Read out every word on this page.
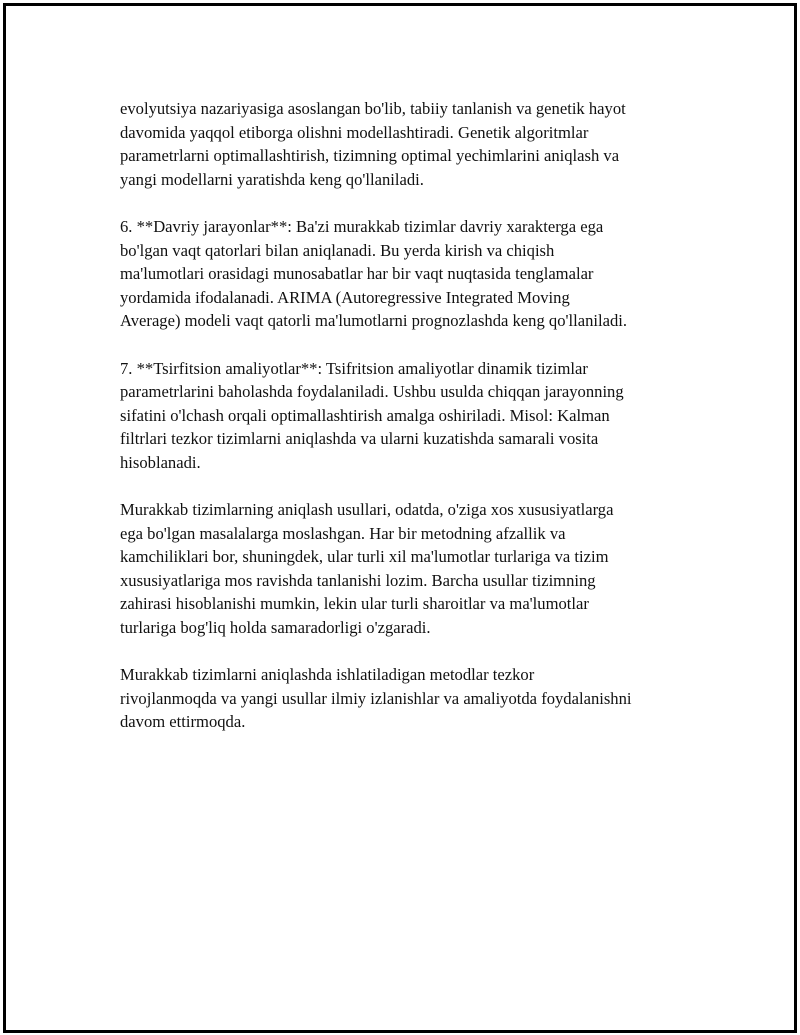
evolyutsiya nazariyasiga asoslangan bo'lib, tabiiy tanlanish va genetik hayot
davomida yaqqol etiborga olishni modellashtiradi. Genetik algoritmlar
parametrlarni optimallashtirish, tizimning optimal yechimlarini aniqlash va
yangi modellarni yaratishda keng qo'llaniladi.

6. **Davriy jarayonlar**: Ba'zi murakkab tizimlar davriy xarakterga ega
bo'lgan vaqt qatorlari bilan aniqlanadi. Bu yerda kirish va chiqish
ma'lumotlari orasidagi munosabatlar har bir vaqt nuqtasida tenglamalar
yordamida ifodalanadi. ARIMA (Autoregressive Integrated Moving
Average) modeli vaqt qatorli ma'lumotlarni prognozlashda keng qo'llaniladi.

7. **Tsirfitsion amaliyotlar**: Tsifritsion amaliyotlar dinamik tizimlar
parametrlarini baholashda foydalaniladi. Ushbu usulda chiqqan jarayonning
sifatini o'lchash orqali optimallashtirish amalga oshiriladi. Misol: Kalman
filtrlari tezkor tizimlarni aniqlashda va ularni kuzatishda samarali vosita
hisoblanadi.

Murakkab tizimlarning aniqlash usullari, odatda, o'ziga xos xususiyatlarga
ega bo'lgan masalalarga moslashgan. Har bir metodning afzallik va
kamchiliklari bor, shuningdek, ular turli xil ma'lumotlar turlariga va tizim
xususiyatlariga mos ravishda tanlanishi lozim. Barcha usullar tizimning
zahirasi hisoblanishi mumkin, lekin ular turli sharoitlar va ma'lumotlar
turlariga bog'liq holda samaradorligi o'zgaradi.

Murakkab tizimlarni aniqlashda ishlatiladigan metodlar tezkor
rivojlanmoqda va yangi usullar ilmiy izlanishlar va amaliyotda foydalanishni
davom ettirmoqda.
